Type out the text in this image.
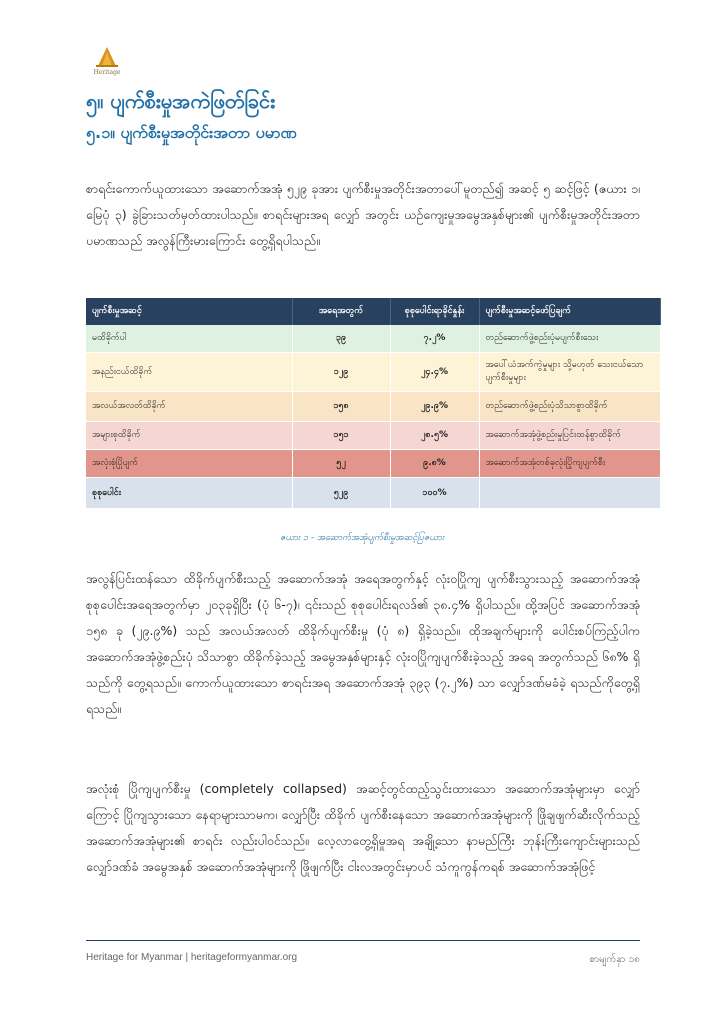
Heritage
၅။ ပျက်စီးမှုအကဲဖြတ်ခြင်း
၅.၁။ ပျက်စီးမှုအတိုင်းအတာ ပမာဏ
စာရင်းကောက်ယူထားသော အဆောက်အအုံ ၅၂၉ ခုအား ပျက်စီးမှုအတိုင်းအတာပေါ်မူတည်၍ အဆင့် ၅ ဆင့်ဖြင့် (ဇယား ၁၊ မြေပုံ ၃) ခွဲခြားသတ်မှတ်ထားပါသည်။ စာရင်းများအရ လျှော် အတွင်း ယဉ်ကျေးမှုအမွေအနှစ်များ၏ ပျက်စီးမှုအတိုင်းအတာ ပမာဏသည် အလွန်ကြီးမားကြောင်း တွေ့ရှိရပါသည်။
ပျက်စီးမှုအဆင့်	အရေအတွက်	စုစုပေါင်းရာခိုင်နှုန်း	ပျက်စီးမှုအဆင့်ဖော်ပြချက်
မထိခိုက်ပါ	၃၉	၇.၂%	တည်ဆောက်ဖွဲ့စည်းပုံမပျက်စီးသေး
အနည်းငယ်ထိခိုက်	၁၂၉	၂၄.၄%	အပေါ်ယံအက်ကွဲမှုများ သို့မဟုတ် သေးငယ်သောပျက်စီးမှုများ
အလယ်အလတ်ထိခိုက်	၁၅၈	၂၉.၉%	တည်ဆောက်ဖွဲ့စည်းပုံသိသာစွာထိခိုက်
အများစုထိခိုက်	၁၅၁	၂၈.၅%	အဆောက်အအုံဖွဲ့စည်းမှုပြင်းထန်စွာထိခိုက်
အလုံးစုံပြိုပျက်	၅၂	၉.၈%	အဆောက်အအုံတစ်ခုလုံးပြိုကျပျက်စီး
စုစုပေါင်း	၅၂၉	၁၀၀%	
ဇယား ၁ - အဆောက်အအုံပျက်စီးမှုအဆင့်ပြဇယား
အလွန်ပြင်းထန်သော ထိခိုက်ပျက်စီးသည့် အဆောက်အအုံ အရေအတွက်နှင့် လုံးဝပြိုကျ ပျက်စီးသွားသည့် အဆောက်အအုံ စုစုပေါင်းအရေအတွက်မှာ ၂၀၃ခုရှိပြီး (ပုံ ၆-၇)၊ ၎င်းသည် စုစုပေါင်းရလဒ်၏ ၃၈.၄% ရှိပါသည်။ ထို့အပြင် အဆောက်အအုံ ၁၅၈ ခု (၂၉.၉%) သည် အလယ်အလတ် ထိခိုက်ပျက်စီးမှု (ပုံ ၈) ရှိခဲ့သည်။ ထိုအချက်များကို ပေါင်းစပ်ကြည့်ပါက အဆောက်အအုံဖွဲ့စည်းပုံ သိသာစွာ ထိခိုက်ခဲ့သည့် အမွေအနှစ်များနှင့် လုံးဝပြိုကျပျက်စီးခဲ့သည့် အရေ အတွက်သည် ၆၈% ရှိသည်ကို တွေ့ရသည်။ ကောက်ယူထားသော စာရင်းအရ အဆောက်အအုံ ၃၉၃ (၇.၂%) သာ လျှော်ဒဏ်မခံခဲ့ ရသည်ကိုတွေ့ရှိရသည်။
အလုံးစုံ ပြိုကျပျက်စီးမှု (completely collapsed) အဆင့်တွင်ထည့်သွင်းထားသော အဆောက်အအုံများမှာ လျှော်ကြောင့် ပြိုကျသွားသော နေရာများသာမက၊ လျှော်ပြီး ထိခိုက် ပျက်စီးနေသော အဆောက်အအုံများကို ဖြိုချဖျက်ဆီးလိုက်သည့် အဆောက်အအုံများ၏ စာရင်း လည်းပါဝင်သည်။ လေ့လာတွေ့ရှိမှုအရ အချို့သော နာမည်ကြီး ဘုန်းကြီးကျောင်းများသည် လျှော်ဒဏ်ခံ အမွေအနှစ် အဆောက်အအုံများကို ဖြိုဖျက်ပြီး ငါးလအတွင်းမှာပင် သံကူကွန်ကရစ် အဆောက်အအုံဖြင့်
Heritage for Myanmar | heritageformyanmar.org	စာမျက်နှာ ၁၈
